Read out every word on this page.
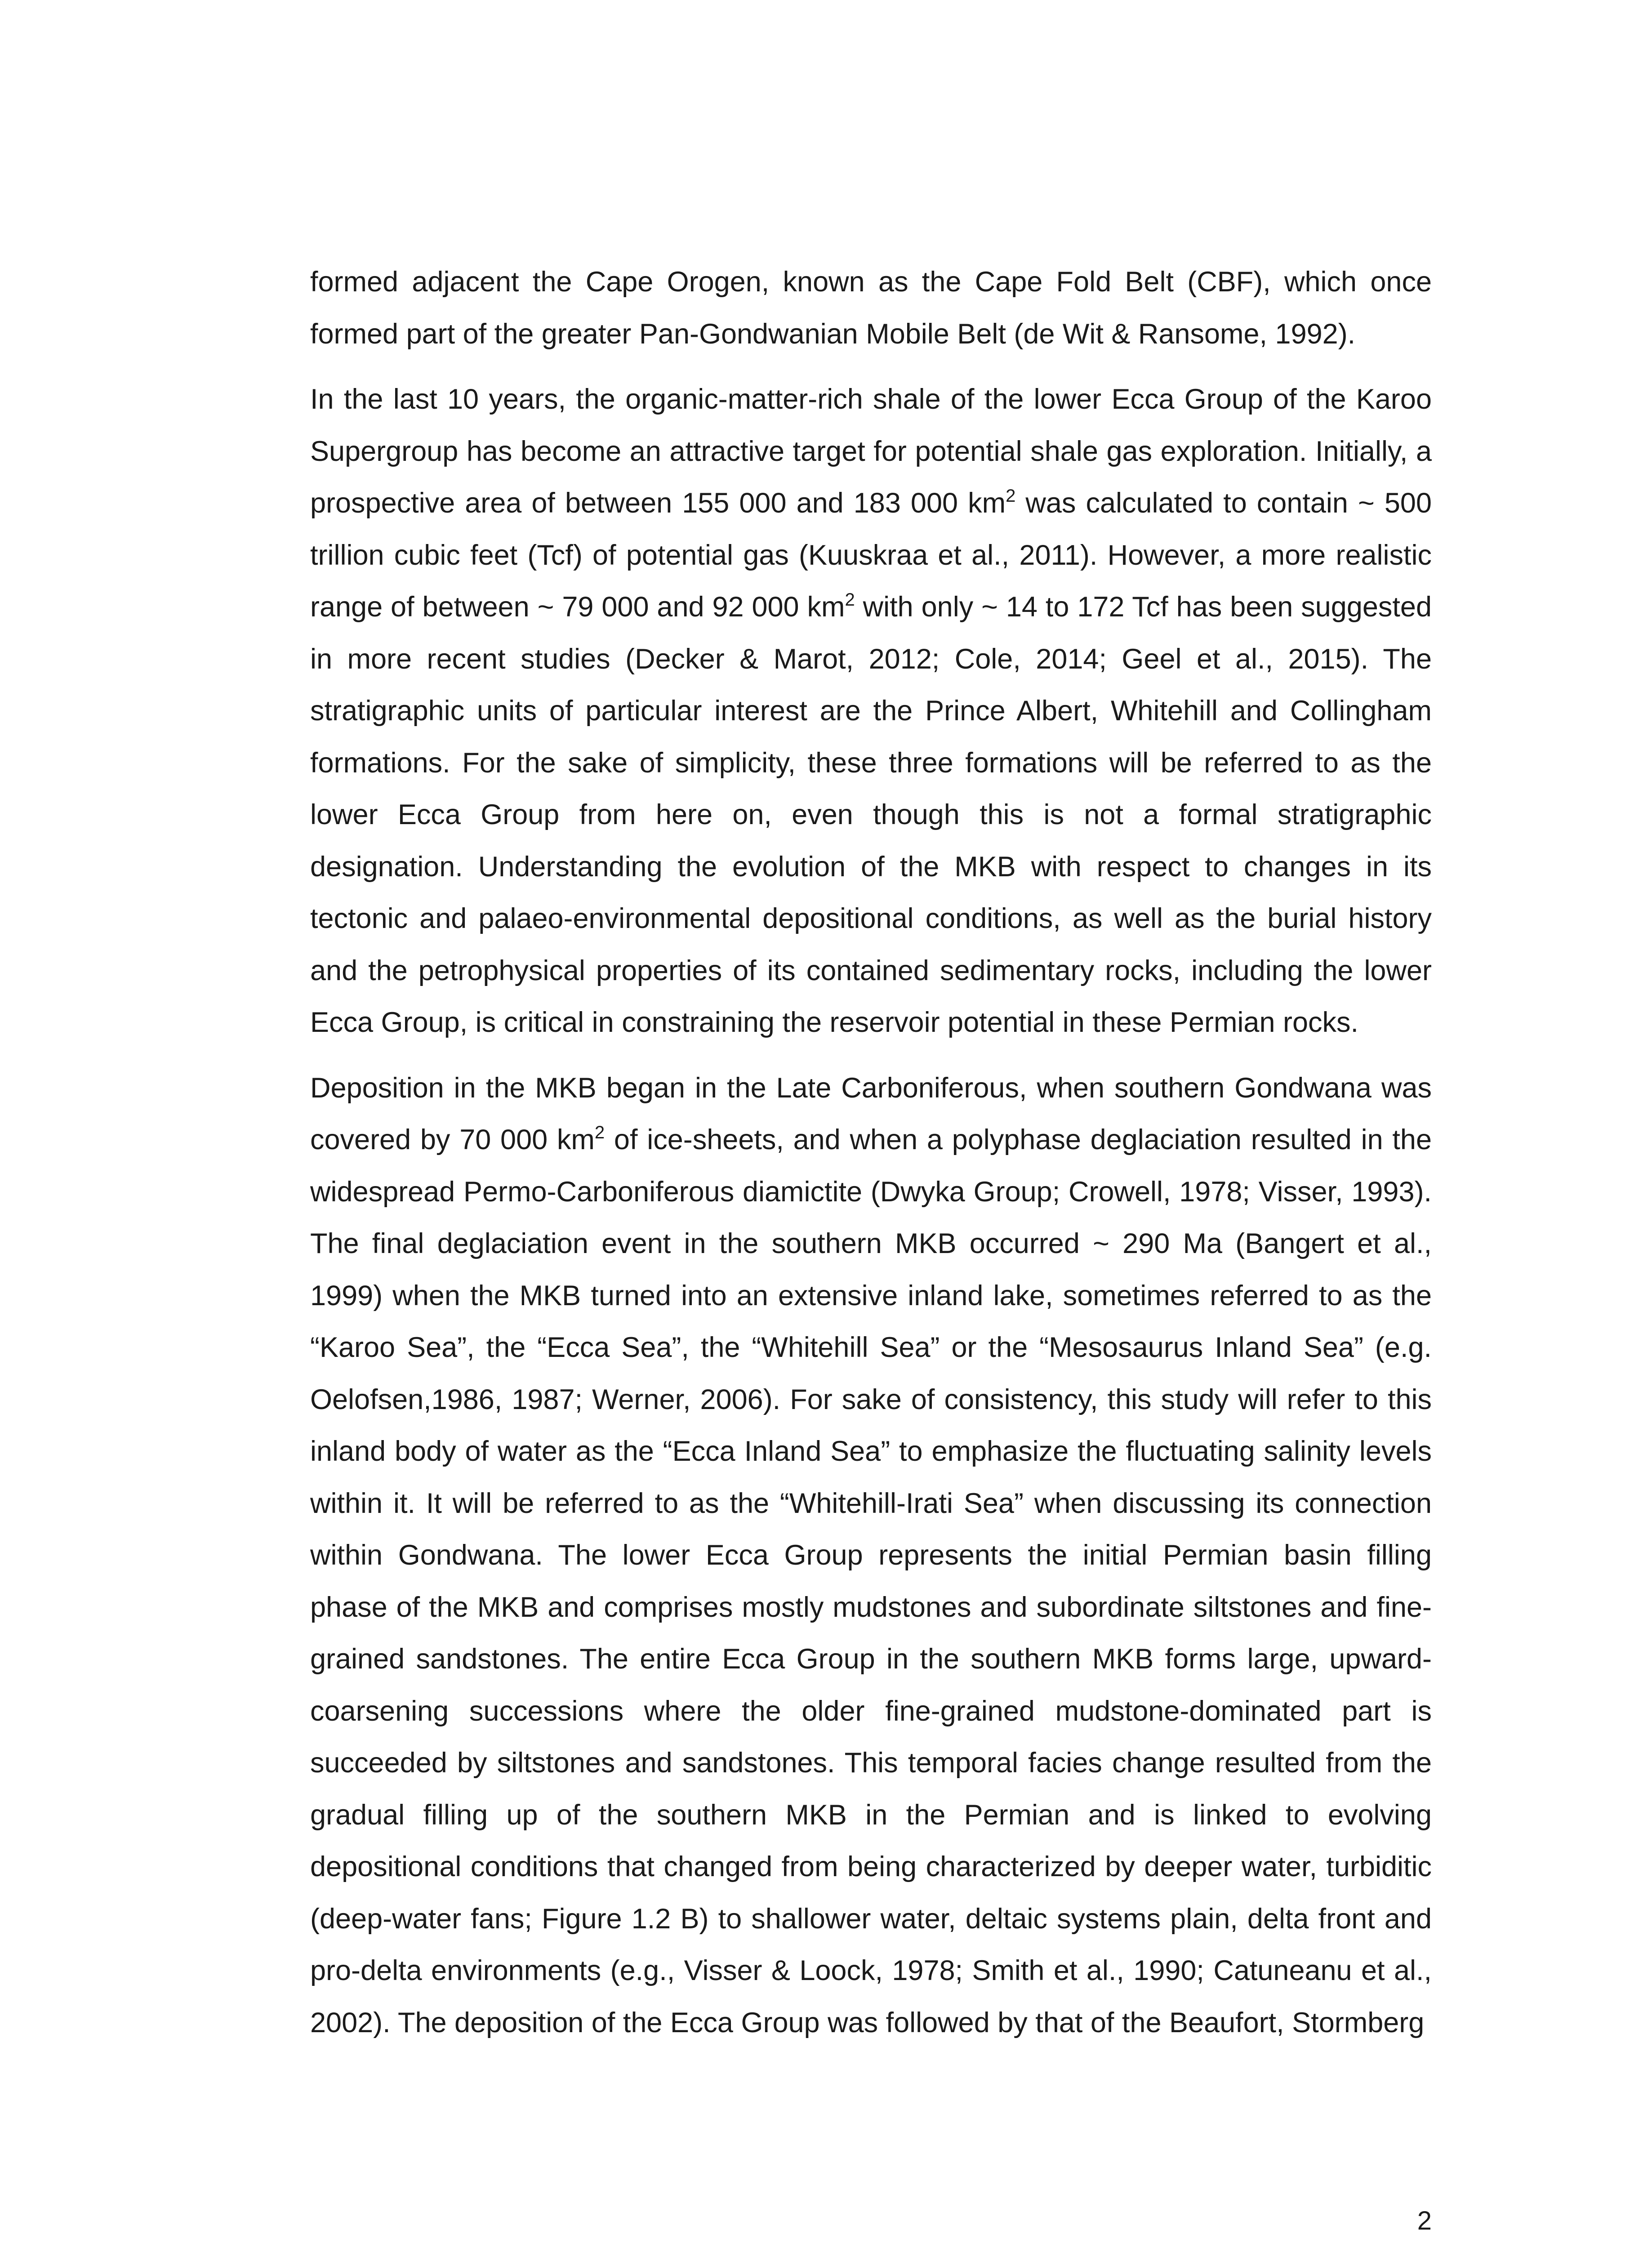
formed adjacent the Cape Orogen, known as the Cape Fold Belt (CBF), which once formed part of the greater Pan-Gondwanian Mobile Belt (de Wit & Ransome, 1992).

In the last 10 years, the organic-matter-rich shale of the lower Ecca Group of the Karoo Supergroup has become an attractive target for potential shale gas exploration. Initially, a prospective area of between 155 000 and 183 000 $km^2$ was calculated to contain ~ 500 trillion cubic feet (Tcf) of potential gas (Kuuskraa et al., 2011). However, a more realistic range of between ~ 79 000 and 92 000 $km^2$ with only ~ 14 to 172 Tcf has been suggested in more recent studies (Decker & Marot, 2012; Cole, 2014; Geel et al., 2015). The stratigraphic units of particular interest are the Prince Albert, Whitehill and Collingham formations. For the sake of simplicity, these three formations will be referred to as the lower Ecca Group from here on, even though this is not a formal stratigraphic designation. Understanding the evolution of the MKB with respect to changes in its tectonic and palaeo-environmental depositional conditions, as well as the burial history and the petrophysical properties of its contained sedimentary rocks, including the lower Ecca Group, is critical in constraining the reservoir potential in these Permian rocks.

Deposition in the MKB began in the Late Carboniferous, when southern Gondwana was covered by 70 000 $km^2$ of ice-sheets, and when a polyphase deglaciation resulted in the widespread Permo-Carboniferous diamictite (Dwyka Group; Crowell, 1978; Visser, 1993). The final deglaciation event in the southern MKB occurred ~ 290 Ma (Bangert et al., 1999) when the MKB turned into an extensive inland lake, sometimes referred to as the “Karoo Sea”, the “Ecca Sea”, the “Whitehill Sea” or the “Mesosaurus Inland Sea” (e.g. Oelofsen,1986, 1987; Werner, 2006). For sake of consistency, this study will refer to this inland body of water as the “Ecca Inland Sea” to emphasize the fluctuating salinity levels within it. It will be referred to as the “Whitehill-Irati Sea” when discussing its connection within Gondwana. The lower Ecca Group represents the initial Permian basin filling phase of the MKB and comprises mostly mudstones and subordinate siltstones and fine-grained sandstones. The entire Ecca Group in the southern MKB forms large, upward-coarsening successions where the older fine-grained mudstone-dominated part is succeeded by siltstones and sandstones. This temporal facies change resulted from the gradual filling up of the southern MKB in the Permian and is linked to evolving depositional conditions that changed from being characterized by deeper water, turbiditic (deep-water fans; Figure 1.2 B) to shallower water, deltaic systems plain, delta front and pro-delta environments (e.g., Visser & Loock, 1978; Smith et al., 1990; Catuneanu et al., 2002). The deposition of the Ecca Group was followed by that of the Beaufort, Stormberg

2
